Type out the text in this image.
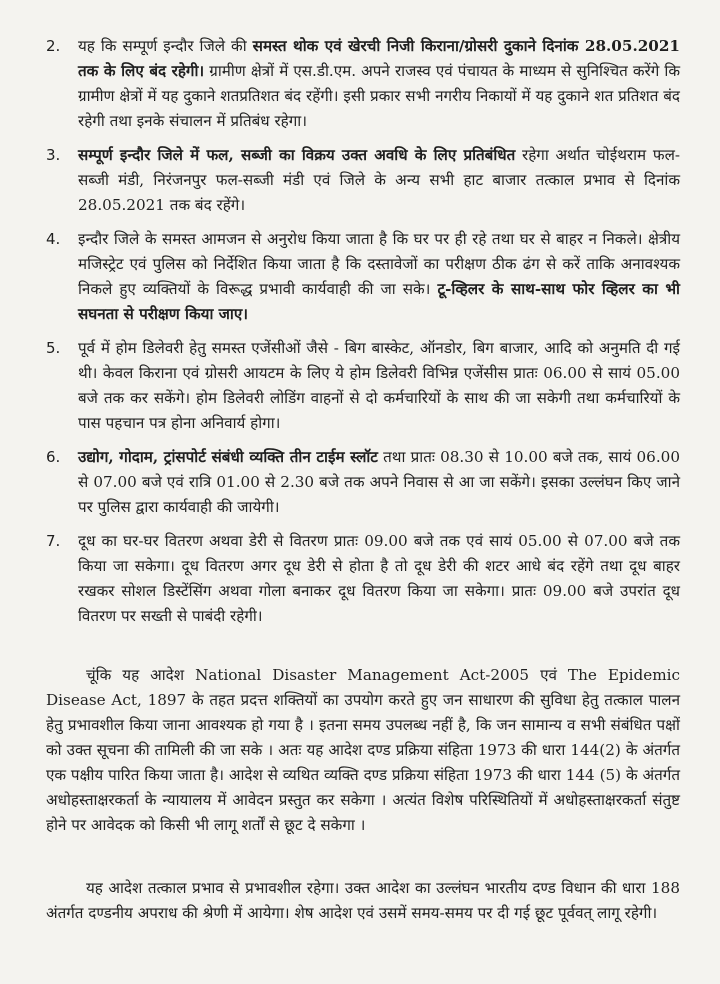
2.	यह कि सम्पूर्ण इन्दौर जिले की समस्त थोक एवं खेरची निजी किराना/ग्रोसरी दुकाने दिनांक 28.05.2021 तक के लिए बंद रहेगी। ग्रामीण क्षेत्रों में एस.डी.एम. अपने राजस्व एवं पंचायत के माध्यम से सुनिश्चित करेंगे कि ग्रामीण क्षेत्रों में यह दुकाने शतप्रतिशत बंद रहेंगी। इसी प्रकार सभी नगरीय निकायों में यह दुकाने शत प्रतिशत बंद रहेगी तथा इनके संचालन में प्रतिबंध रहेगा।
3.	सम्पूर्ण इन्दौर जिले में फल, सब्जी का विक्रय उक्त अवधि के लिए प्रतिबंधित रहेगा अर्थात चोईथराम फल-सब्जी मंडी, निरंजनपुर फल-सब्जी मंडी एवं जिले के अन्य सभी हाट बाजार तत्काल प्रभाव से दिनांक 28.05.2021 तक बंद रहेंगे।
4.	इन्दौर जिले के समस्त आमजन से अनुरोध किया जाता है कि घर पर ही रहे तथा घर से बाहर न निकले। क्षेत्रीय मजिस्ट्रेट एवं पुलिस को निर्देशित किया जाता है कि दस्तावेजों का परीक्षण ठीक ढंग से करें ताकि अनावश्यक निकले हुए व्यक्तियों के विरूद्ध प्रभावी कार्यवाही की जा सके। टू-व्हिलर के साथ-साथ फोर व्हिलर का भी सघनता से परीक्षण किया जाए।
5.	पूर्व में होम डिलेवरी हेतु समस्त एजेंसीओं जैसे - बिग बास्केट, ऑनडोर, बिग बाजार, आदि को अनुमति दी गई थी। केवल किराना एवं ग्रोसरी आयटम के लिए ये होम डिलेवरी विभिन्न एजेंसीस प्रातः 06.00 से सायं 05.00 बजे तक कर सकेंगे। होम डिलेवरी लोडिंग वाहनों से दो कर्मचारियों के साथ की जा सकेगी तथा कर्मचारियों के पास पहचान पत्र होना अनिवार्य होगा।
6.	उद्योग, गोदाम, ट्रांसपोर्ट संबंधी व्यक्ति तीन टाईम स्लॉट तथा प्रातः 08.30 से 10.00 बजे तक, सायं 06.00 से 07.00 बजे एवं रात्रि 01.00 से 2.30 बजे तक अपने निवास से आ जा सकेंगे। इसका उल्लंघन किए जाने पर पुलिस द्वारा कार्यवाही की जायेगी।
7.	दूध का घर-घर वितरण अथवा डेरी से वितरण प्रातः 09.00 बजे तक एवं सायं 05.00 से 07.00 बजे तक किया जा सकेगा। दूध वितरण अगर दूध डेरी से होता है तो दूध डेरी की शटर आधे बंद रहेंगे तथा दूध बाहर रखकर सोशल डिस्टेंसिंग अथवा गोला बनाकर दूध वितरण किया जा सकेगा। प्रातः 09.00 बजे उपरांत दूध वितरण पर सख्ती से पाबंदी रहेगी।

चूंकि यह आदेश National Disaster Management Act-2005 एवं The Epidemic Disease Act, 1897 के तहत प्रदत्त शक्तियों का उपयोग करते हुए जन साधारण की सुविधा हेतु तत्काल पालन हेतु प्रभावशील किया जाना आवश्यक हो गया है । इतना समय उपलब्ध नहीं है, कि जन सामान्य व सभी संबंधित पक्षों को उक्त सूचना की तामिली की जा सके । अतः यह आदेश दण्ड प्रक्रिया संहिता 1973 की धारा 144(2) के अंतर्गत एक पक्षीय पारित किया जाता है। आदेश से व्यथित व्यक्ति दण्ड प्रक्रिया संहिता 1973 की धारा 144 (5) के अंतर्गत अधोहस्ताक्षरकर्ता के न्यायालय में आवेदन प्रस्तुत कर सकेगा । अत्यंत विशेष परिस्थितियों में अधोहस्ताक्षरकर्ता संतुष्ट होने पर आवेदक को किसी भी लागू शर्तों से छूट दे सकेगा ।

यह आदेश तत्काल प्रभाव से प्रभावशील रहेगा। उक्त आदेश का उल्लंघन भारतीय दण्ड विधान की धारा 188 अंतर्गत दण्डनीय अपराध की श्रेणी में आयेगा। शेष आदेश एवं उसमें समय-समय पर दी गई छूट पूर्ववत् लागू रहेगी।
